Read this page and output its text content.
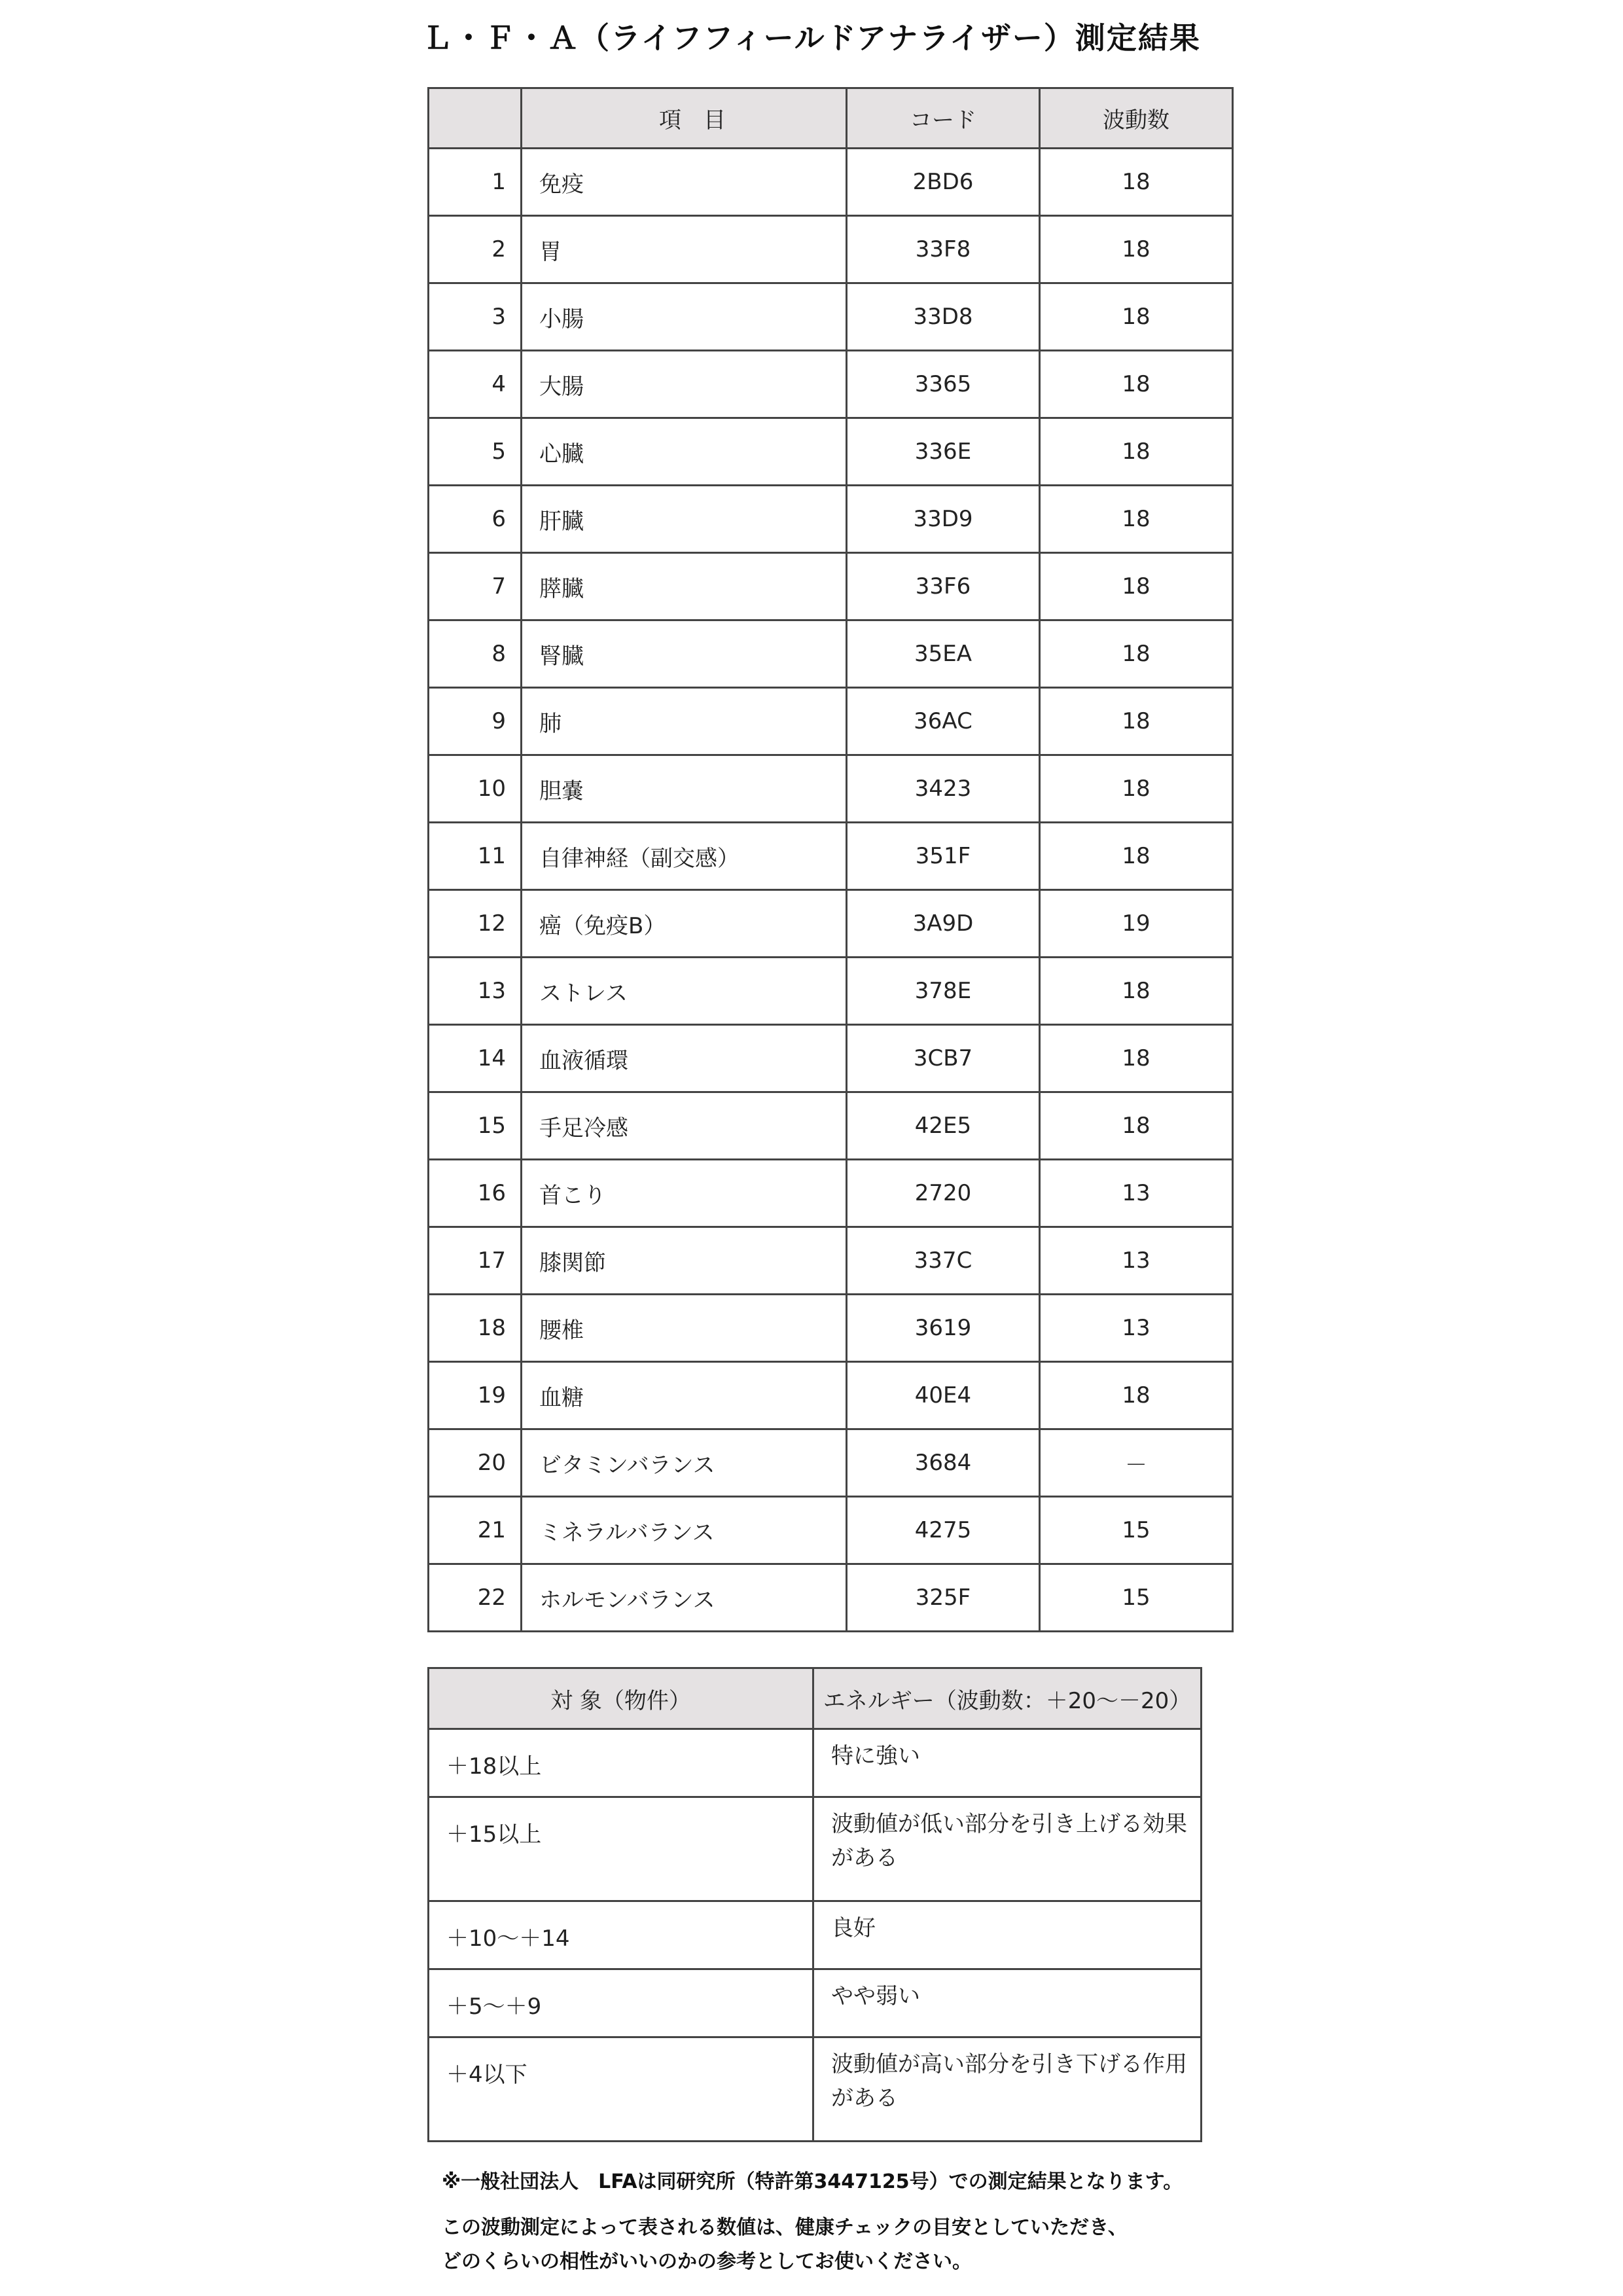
Ｌ・Ｆ・Ａ（ライフフィールドアナライザー）測定結果
	項　目	コード	波動数
1	免疫	2BD6	18
2	胃	33F8	18
3	小腸	33D8	18
4	大腸	3365	18
5	心臓	336E	18
6	肝臓	33D9	18
7	膵臓	33F6	18
8	腎臓	35EA	18
9	肺	36AC	18
10	胆嚢	3423	18
11	自律神経（副交感）	351F	18
12	癌（免疫B）	3A9D	19
13	ストレス	378E	18
14	血液循環	3CB7	18
15	手足冷感	42E5	18
16	首こり	2720	13
17	膝関節	337C	13
18	腰椎	3619	13
19	血糖	40E4	18
20	ビタミンバランス	3684	－
21	ミネラルバランス	4275	15
22	ホルモンバランス	325F	15
対 象（物件）	エネルギー（波動数：＋20～－20）
＋18以上	特に強い
＋15以上	波動値が低い部分を引き上げる効果がある
＋10～＋14	良好
＋5～＋9	やや弱い
＋4以下	波動値が高い部分を引き下げる作用がある
※一般社団法人　LFAは同研究所（特許第3447125号）での測定結果となります。
この波動測定によって表される数値は、健康チェックの目安としていただき、
どのくらいの相性がいいのかの参考としてお使いください。
